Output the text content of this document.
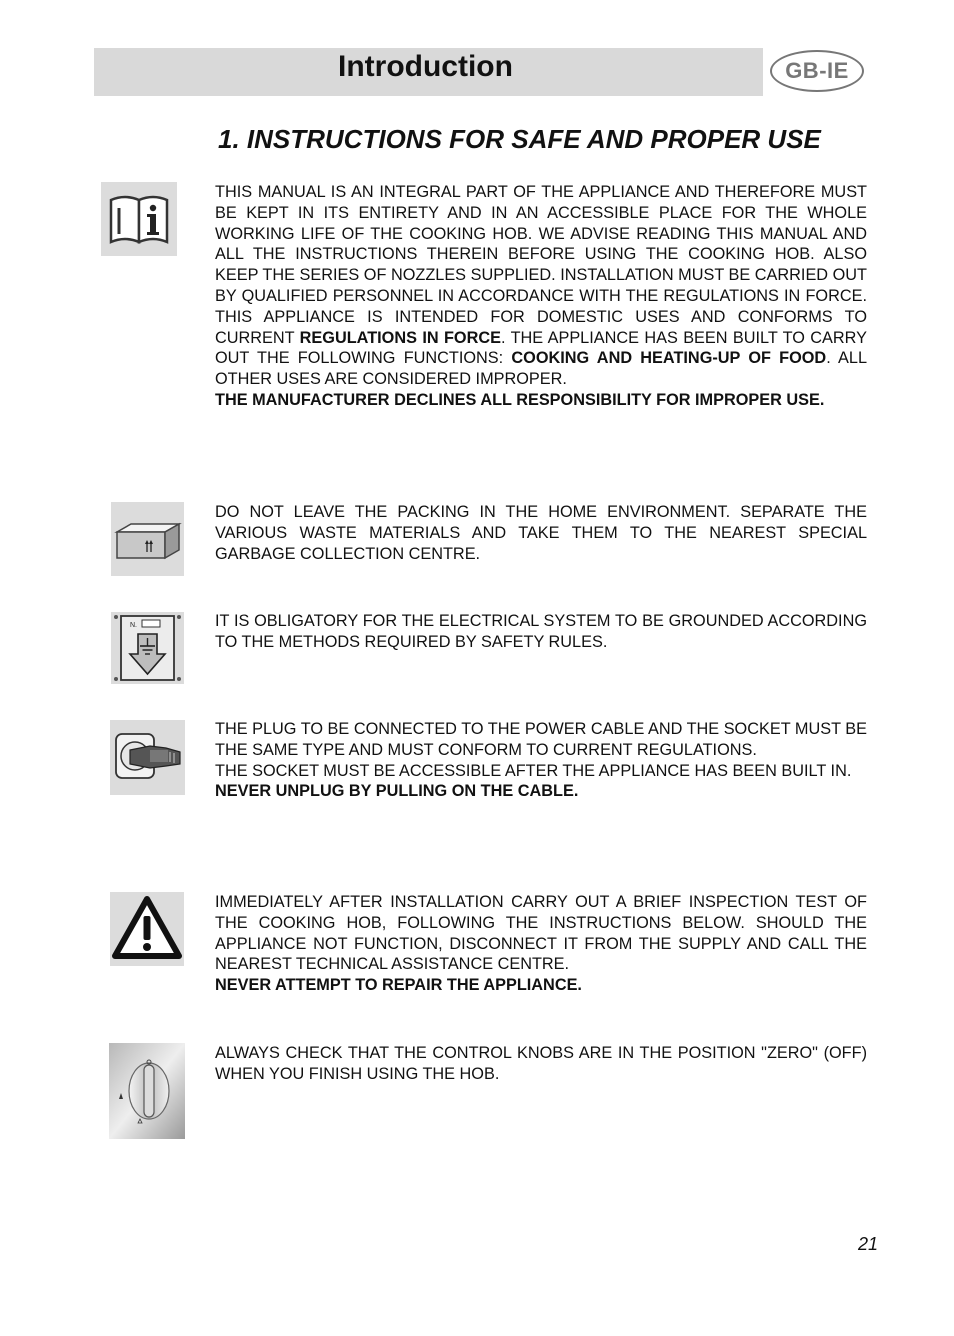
Introduction	GB-IE
1. INSTRUCTIONS FOR SAFE AND PROPER USE

THIS MANUAL IS AN INTEGRAL PART OF THE APPLIANCE AND THEREFORE MUST BE KEPT IN ITS ENTIRETY AND IN AN ACCESSIBLE PLACE FOR THE WHOLE WORKING LIFE OF THE COOKING HOB. WE ADVISE READING THIS MANUAL AND ALL THE INSTRUCTIONS THEREIN BEFORE USING THE COOKING HOB. ALSO KEEP THE SERIES OF NOZZLES SUPPLIED. INSTALLATION MUST BE CARRIED OUT BY QUALIFIED PERSONNEL IN ACCORDANCE WITH THE REGULATIONS IN FORCE. THIS APPLIANCE IS INTENDED FOR DOMESTIC USES AND CONFORMS TO CURRENT REGULATIONS IN FORCE. THE APPLIANCE HAS BEEN BUILT TO CARRY OUT THE FOLLOWING FUNCTIONS: COOKING AND HEATING-UP OF FOOD. ALL OTHER USES ARE CONSIDERED IMPROPER.

THE MANUFACTURER DECLINES ALL RESPONSIBILITY FOR IMPROPER USE.

DO NOT LEAVE THE PACKING IN THE HOME ENVIRONMENT. SEPARATE THE VARIOUS WASTE MATERIALS AND TAKE THEM TO THE NEAREST SPECIAL GARBAGE COLLECTION CENTRE.

N.	IT IS OBLIGATORY FOR THE ELECTRICAL SYSTEM TO BE GROUNDED ACCORDING TO THE METHODS REQUIRED BY SAFETY RULES.

THE PLUG TO BE CONNECTED TO THE POWER CABLE AND THE SOCKET MUST BE THE SAME TYPE AND MUST CONFORM TO CURRENT REGULATIONS.

THE SOCKET MUST BE ACCESSIBLE AFTER THE APPLIANCE HAS BEEN BUILT IN.

NEVER UNPLUG BY PULLING ON THE CABLE.

IMMEDIATELY AFTER INSTALLATION CARRY OUT A BRIEF INSPECTION TEST OF THE COOKING HOB, FOLLOWING THE INSTRUCTIONS BELOW. SHOULD THE APPLIANCE NOT FUNCTION, DISCONNECT IT FROM THE SUPPLY AND CALL THE NEAREST TECHNICAL ASSISTANCE CENTRE.

NEVER ATTEMPT TO REPAIR THE APPLIANCE.

ALWAYS CHECK THAT THE CONTROL KNOBS ARE IN THE POSITION "ZERO" (OFF) WHEN YOU FINISH USING THE HOB.

21
